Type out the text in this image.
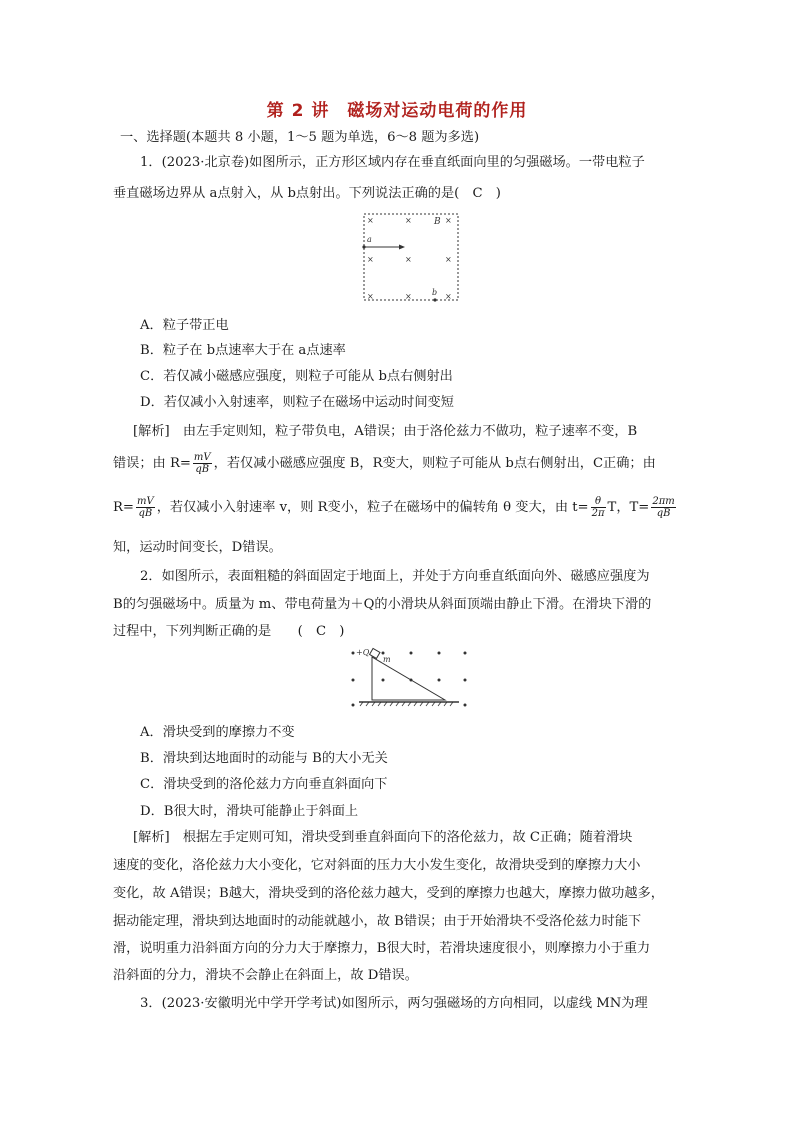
第 2 讲　磁场对运动电荷的作用
一、选择题(本题共 8 小题，1～5 题为单选，6～8 题为多选)
1．(2023·北京卷)如图所示，正方形区域内存在垂直纸面向里的匀强磁场。一带电粒子
垂直磁场边界从 a点射入，从 b点射出。下列说法正确的是(　C　)
×	×	×
×	×	×
×	×	×
B
a
b
A．粒子带正电
B．粒子在 b点速率大于在 a点速率
C．若仅减小磁感应强度，则粒子可能从 b点右侧射出
D．若仅减小入射速率，则粒子在磁场中运动时间变短
[解析]　由左手定则知，粒子带负电，A错误；由于洛伦兹力不做功，粒子速率不变，B
错误；由 $R= \frac{mV}{qB}$ ，若仅减小磁感应强度 B，R变大，则粒子可能从 b点右侧射出，C正确；由
$R= \frac{mV}{qB}$ ，若仅减小入射速率 v，则 R变小，粒子在磁场中的偏转角 θ 变大，由 $t= \frac{\theta}{2\pi}$ T，$T= \frac{2\pi m}{qB}$
知，运动时间变长，D错误。
2．如图所示，表面粗糙的斜面固定于地面上，并处于方向垂直纸面向外、磁感应强度为
B的匀强磁场中。质量为 m、带电荷量为＋Q的小滑块从斜面顶端由静止下滑。在滑块下滑的
过程中，下列判断正确的是　　(　C　)
+Q
m
A．滑块受到的摩擦力不变
B．滑块到达地面时的动能与 B的大小无关
C．滑块受到的洛伦兹力方向垂直斜面向下
D．B很大时，滑块可能静止于斜面上
[解析]　根据左手定则可知，滑块受到垂直斜面向下的洛伦兹力，故 C正确；随着滑块
速度的变化，洛伦兹力大小变化，它对斜面的压力大小发生变化，故滑块受到的摩擦力大小
变化，故 A错误；B越大，滑块受到的洛伦兹力越大，受到的摩擦力也越大，摩擦力做功越多，
据动能定理，滑块到达地面时的动能就越小，故 B错误；由于开始滑块不受洛伦兹力时能下
滑，说明重力沿斜面方向的分力大于摩擦力，B很大时，若滑块速度很小，则摩擦力小于重力
沿斜面的分力，滑块不会静止在斜面上，故 D错误。
3．(2023·安徽明光中学开学考试)如图所示，两匀强磁场的方向相同，以虚线 MN为理
